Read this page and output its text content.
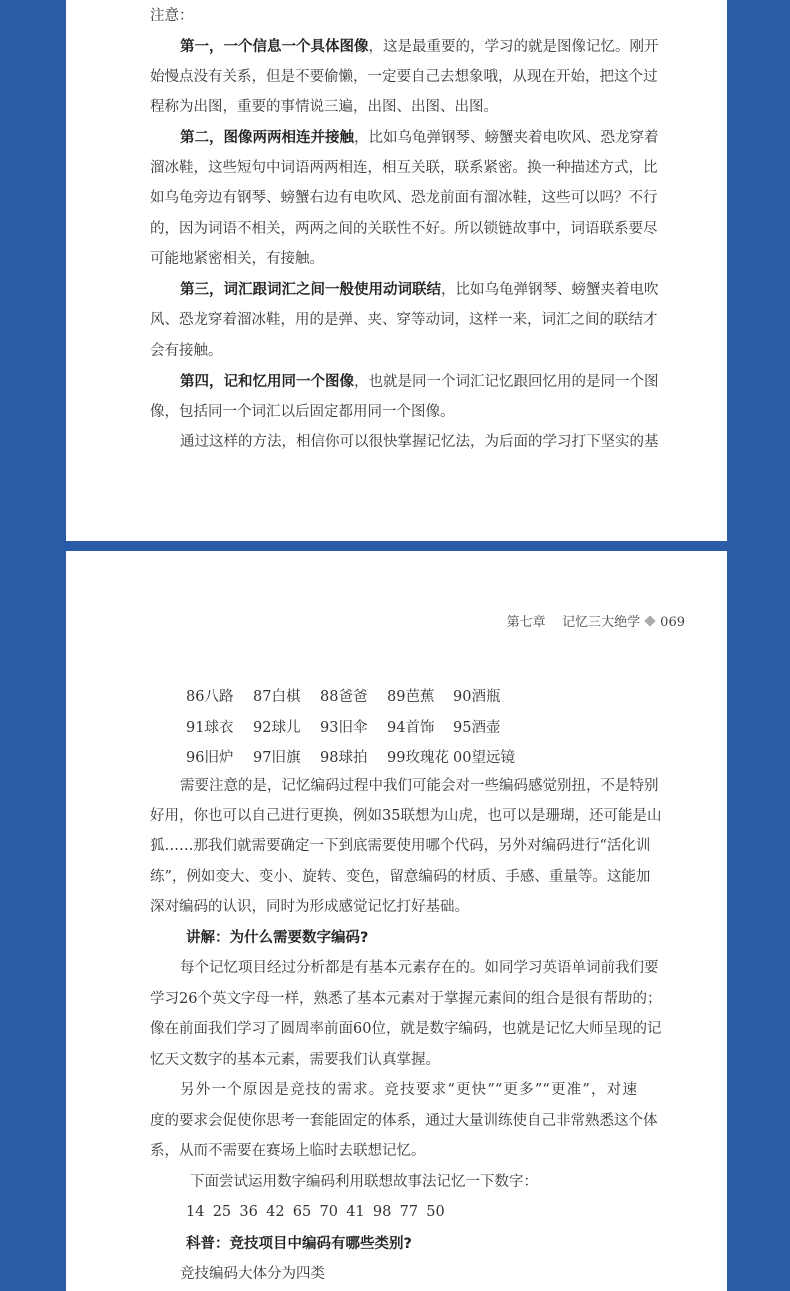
注意：
第一，一个信息一个具体图像，这是最重要的，学习的就是图像记忆。刚开
始慢点没有关系，但是不要偷懒，一定要自己去想象哦，从现在开始，把这个过
程称为出图，重要的事情说三遍，出图、出图、出图。
第二，图像两两相连并接触，比如乌龟弹钢琴、螃蟹夹着电吹风、恐龙穿着
溜冰鞋，这些短句中词语两两相连，相互关联，联系紧密。换一种描述方式，比
如乌龟旁边有钢琴、螃蟹右边有电吹风、恐龙前面有溜冰鞋，这些可以吗？不行
的，因为词语不相关，两两之间的关联性不好。所以锁链故事中，词语联系要尽
可能地紧密相关，有接触。
第三，词汇跟词汇之间一般使用动词联结，比如乌龟弹钢琴、螃蟹夹着电吹
风、恐龙穿着溜冰鞋，用的是弹、夹、穿等动词，这样一来，词汇之间的联结才
会有接触。
第四，记和忆用同一个图像，也就是同一个词汇记忆跟回忆用的是同一个图
像，包括同一个词汇以后固定都用同一个图像。
通过这样的方法，相信你可以很快掌握记忆法，为后面的学习打下坚实的基
第七章 记忆三大绝学 069
86八路 87白棋 88爸爸 89芭蕉 90酒瓶
91球衣 92球儿 93旧伞 94首饰 95酒壶
96旧炉 97旧旗 98球拍 99玫瑰花 00望远镜
需要注意的是，记忆编码过程中我们可能会对一些编码感觉别扭，不是特别
好用，你也可以自己进行更换，例如35联想为山虎，也可以是珊瑚，还可能是山
狐……那我们就需要确定一下到底需要使用哪个代码，另外对编码进行“活化训
练”，例如变大、变小、旋转、变色，留意编码的材质、手感、重量等。这能加
深对编码的认识，同时为形成感觉记忆打好基础。
讲解：为什么需要数字编码?
每个记忆项目经过分析都是有基本元素存在的。如同学习英语单词前我们要
学习26个英文字母一样，熟悉了基本元素对于掌握元素间的组合是很有帮助的；
像在前面我们学习了圆周率前面60位，就是数字编码，也就是记忆大师呈现的记
忆天文数字的基本元素，需要我们认真掌握。
另外一个原因是竞技的需求。竞技要求“更快”“更多”“更准”，对速
度的要求会促使你思考一套能固定的体系，通过大量训练使自己非常熟悉这个体
系，从而不需要在赛场上临时去联想记忆。
下面尝试运用数字编码利用联想故事法记忆一下数字：
14 25 36 42 65 70 41 98 77 50
科普：竞技项目中编码有哪些类别?
竞技编码大体分为四类
